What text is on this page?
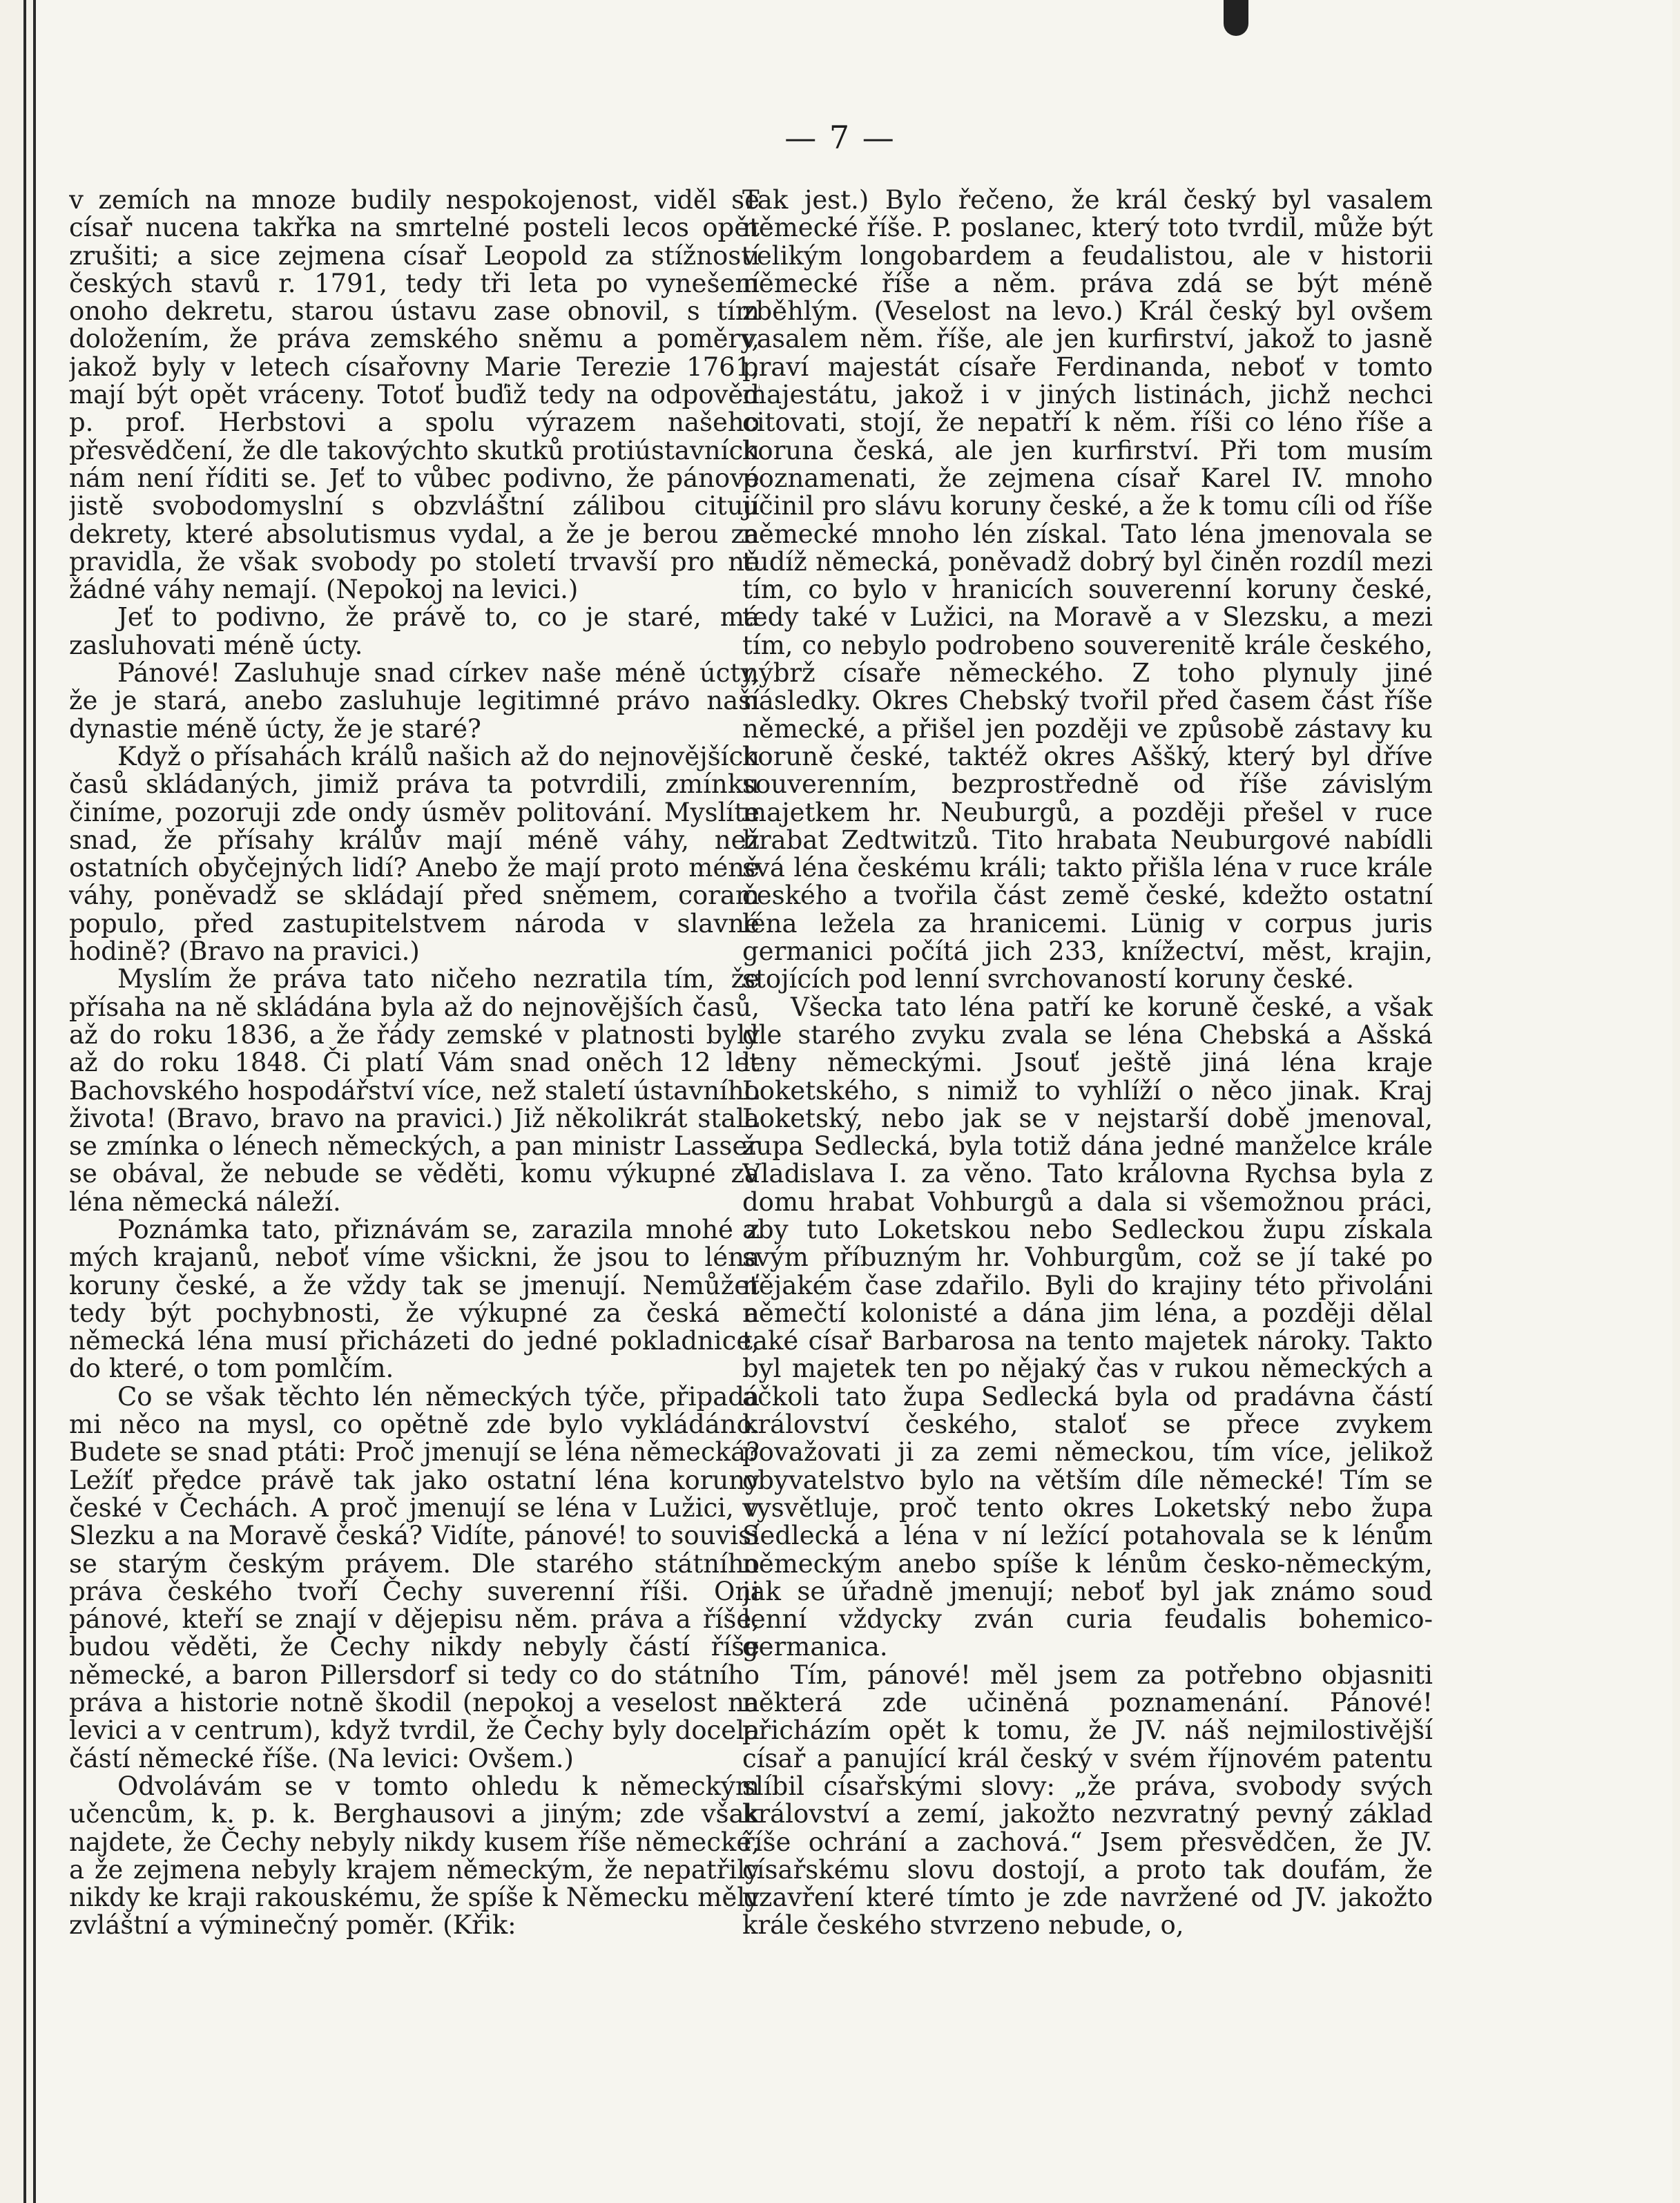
— 7 —

v zemích na mnoze budily nespokojenost, viděl se císař nucena takřka na smrtelné posteli lecos opět zrušiti; a sice zejmena císař Leopold za stížností českých stavů r. 1791, tedy tři leta po vynešení onoho dekretu, starou ústavu zase obnovil, s tím doložením, že práva zemského sněmu a poměry, jakož byly v letech císařovny Marie Terezie 1761, mají být opět vráceny. Totoť buďiž tedy na odpověď p. prof. Herbstovi a spolu výrazem našeho přesvědčení, že dle takovýchto skutků protiústavních nám není říditi se. Jeť to vůbec podivno, že pánové jistě svobodomyslní s obzvláštní zálibou citují dekrety, které absolutismus vydal, a že je berou za pravidla, že však svobody po století trvavší pro ně žádné váhy nemají. (Nepokoj na levici.)

Jeť to podivno, že právě to, co je staré, má zasluhovati méně úcty.

Pánové! Zasluhuje snad církev naše méně úcty, že je stará, anebo zasluhuje legitimné právo naší dynastie méně úcty, že je staré?

Když o přísahách králů našich až do nejnovějších časů skládaných, jimiž práva ta potvrdili, zmínku činíme, pozoruji zde ondy úsměv politování. Myslíte snad, že přísahy králův mají méně váhy, než ostatních obyčejných lidí? Anebo že mají proto méně váhy, poněvadž se skládají před sněmem, coram populo, před zastupitelstvem národa v slavné hodině? (Bravo na pravici.)

Myslím že práva tato ničeho nezratila tím, že přísaha na ně skládána byla až do nejnovějších časů, až do roku 1836, a že řády zemské v platnosti byly až do roku 1848. Či platí Vám snad oněch 12 let Bachovského hospodářství více, než staletí ústavního života! (Bravo, bravo na pravici.) Již několikrát stala se zmínka o lénech německých, a pan ministr Lasser se obával, že nebude se věděti, komu výkupné za léna německá náleží.

Poznámka tato, přiznávám se, zarazila mnohé z mých krajanů, neboť víme všickni, že jsou to léna koruny české, a že vždy tak se jmenují. Nemůžeť tedy být pochybnosti, že výkupné za česká a německá léna musí přicházeti do jedné pokladnice, do které, o tom pomlčím.

Co se však těchto lén německých týče, připadá mi něco na mysl, co opětně zde bylo vykládáno. Budete se snad ptáti: Proč jmenují se léna německá? Ležíť předce právě tak jako ostatní léna koruny české v Čechách. A proč jmenují se léna v Lužici, v Slezku a na Moravě česká? Vidíte, pánové! to souvisí se starým českým právem. Dle starého státního práva českého tvoří Čechy suverenní říši. Oni pánové, kteří se znají v dějepisu něm. práva a říše, budou věděti, že Čechy nikdy nebyly částí říše německé, a baron Pillersdorf si tedy co do státního práva a historie notně škodil (nepokoj a veselost na levici a v centrum), když tvrdil, že Čechy byly docela částí německé říše. (Na levici: Ovšem.)

Odvolávám se v tomto ohledu k německým učencům, k. p. k. Berghausovi a jiným; zde však najdete, že Čechy nebyly nikdy kusem říše německé, a že zejmena nebyly krajem německým, že nepatřily nikdy ke kraji rakouskému, že spíše k Německu měly zvláštní a výminečný poměr. (Křik:

Tak jest.) Bylo řečeno, že král český byl vasalem německé říše. P. poslanec, který toto tvrdil, může být velikým longobardem a feudalistou, ale v historii německé říše a něm. práva zdá se být méně zběhlým. (Veselost na levo.) Král český byl ovšem vasalem něm. říše, ale jen kurfirství, jakož to jasně praví majestát císaře Ferdinanda, neboť v tomto majestátu, jakož i v jiných listinách, jichž nechci citovati, stojí, že nepatří k něm. říši co léno říše a koruna česká, ale jen kurfirství. Při tom musím poznamenati, že zejmena císař Karel IV. mnoho učinil pro slávu koruny české, a že k tomu cíli od říše německé mnoho lén získal. Tato léna jmenovala se tudíž německá, poněvadž dobrý byl činěn rozdíl mezi tím, co bylo v hranicích souverenní koruny české, tedy také v Lužici, na Moravě a v Slezsku, a mezi tím, co nebylo podrobeno souverenitě krále českého, nýbrž císaře německého. Z toho plynuly jiné následky. Okres Chebský tvořil před časem část říše německé, a přišel jen později ve způsobě zástavy ku koruně české, taktéž okres Aššký, který byl dříve souverenním, bezprostředně od říše závislým majetkem hr. Neuburgů, a později přešel v ruce hrabat Zedtwitzů. Tito hrabata Neuburgové nabídli svá léna českému králi; takto přišla léna v ruce krále českého a tvořila část země české, kdežto ostatní léna ležela za hranicemi. Lünig v corpus juris germanici počítá jich 233, knížectví, měst, krajin, stojících pod lenní svrchovaností koruny české.

Všecka tato léna patří ke koruně české, a však dle starého zvyku zvala se léna Chebská a Ašská leny německými. Jsouť ještě jiná léna kraje Loketského, s nimiž to vyhlíží o něco jinak. Kraj Loketský, nebo jak se v nejstarší době jmenoval, župa Sedlecká, byla totiž dána jedné manželce krále Vladislava I. za věno. Tato královna Rychsa byla z domu hrabat Vohburgů a dala si všemožnou práci, aby tuto Loketskou nebo Sedleckou župu získala svým příbuzným hr. Vohburgům, což se jí také po nějakém čase zdařilo. Byli do krajiny této přivoláni němečtí kolonisté a dána jim léna, a později dělal také císař Barbarosa na tento majetek nároky. Takto byl majetek ten po nějaký čas v rukou německých a ačkoli tato župa Sedlecká byla od pradávna částí království českého, staloť se přece zvykem považovati ji za zemi německou, tím více, jelikož obyvatelstvo bylo na větším díle německé! Tím se vysvětluje, proč tento okres Loketský nebo župa Sedlecká a léna v ní ležící potahovala se k lénům německým anebo spíše k lénům česko-německým, jak se úřadně jmenují; neboť byl jak známo soud lenní vždycky zván curia feudalis bohemico-germanica.

Tím, pánové! měl jsem za potřebno objasniti některá zde učiněná poznamenání. Pánové! přicházím opět k tomu, že JV. náš nejmilostivější císař a panující král český v svém říjnovém patentu slíbil císařskými slovy: „že práva, svobody svých království a zemí, jakožto nezvratný pevný základ říše ochrání a zachová.“ Jsem přesvědčen, že JV. císařskému slovu dostojí, a proto tak doufám, že uzavření které tímto je zde navržené od JV. jakožto krále českého stvrzeno nebude, o,
